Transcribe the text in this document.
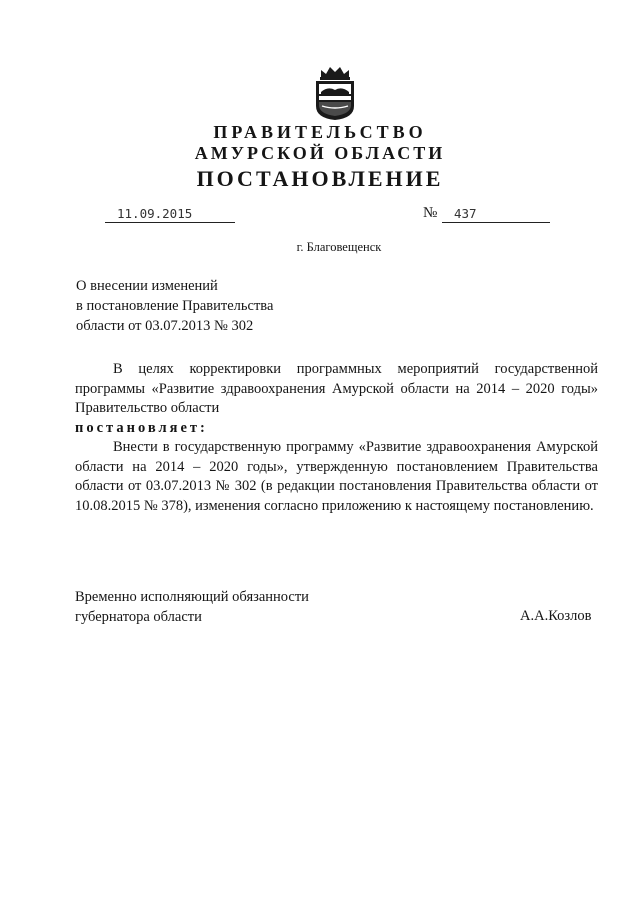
ПРАВИТЕЛЬСТВО
АМУРСКОЙ ОБЛАСТИ
ПОСТАНОВЛЕНИЕ
11.09.2015	№	437
г. Благовещенск
О внесении изменений
в постановление Правительства
области от 03.07.2013 № 302

В целях корректировки программных мероприятий государственной программы «Развитие здравоохранения Амурской области на 2014 – 2020 годы» Правительство области

постановляет:

Внести в государственную программу «Развитие здравоохранения Амурской области на 2014 – 2020 годы», утвержденную постановлением Правительства области от 03.07.2013 № 302 (в редакции постановления Правительства области от 10.08.2015 № 378), изменения согласно приложению к настоящему постановлению.

Временно исполняющий обязанности
губернатора области	А.А.Козлов
